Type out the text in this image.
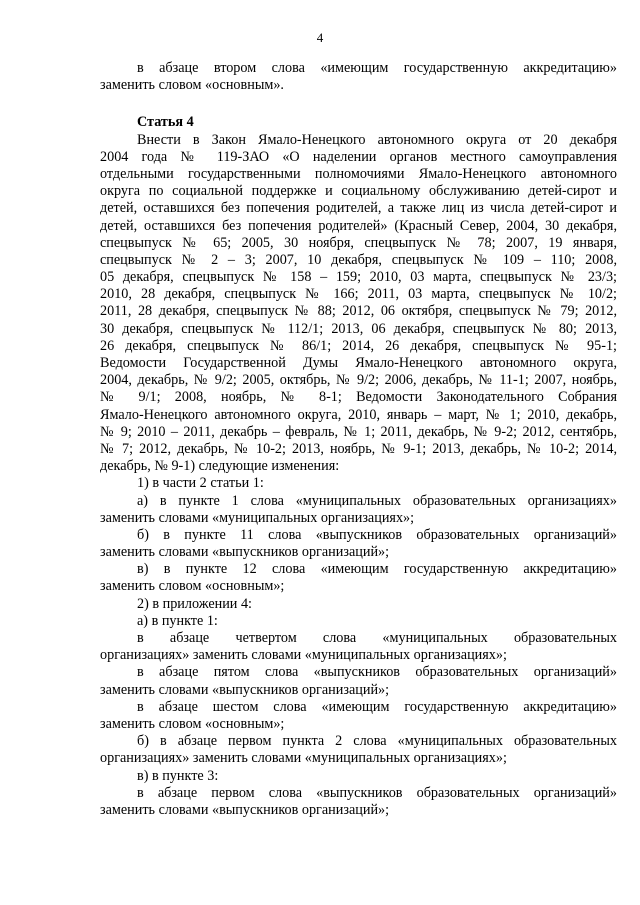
4
в абзаце втором слова «имеющим государственную аккредитацию»
заменить словом «основным».
Статья 4
Внести в Закон Ямало-Ненецкого автономного округа от 20 декабря
2004 года № 119-ЗАО «О наделении органов местного самоуправления
отдельными государственными полномочиями Ямало-Ненецкого автономного
округа по социальной поддержке и социальному обслуживанию детей-сирот и
детей, оставшихся без попечения родителей, а также лиц из числа детей-сирот и
детей, оставшихся без попечения родителей» (Красный Север, 2004, 30 декабря,
спецвыпуск № 65; 2005, 30 ноября, спецвыпуск № 78; 2007, 19 января,
спецвыпуск № 2 – 3; 2007, 10 декабря, спецвыпуск № 109 – 110; 2008,
05 декабря, спецвыпуск № 158 – 159; 2010, 03 марта, спецвыпуск № 23/3;
2010, 28 декабря, спецвыпуск № 166; 2011, 03 марта, спецвыпуск № 10/2;
2011, 28 декабря, спецвыпуск № 88; 2012, 06 октября, спецвыпуск № 79; 2012,
30 декабря, спецвыпуск № 112/1; 2013, 06 декабря, спецвыпуск № 80; 2013,
26 декабря, спецвыпуск № 86/1; 2014, 26 декабря, спецвыпуск № 95-1;
Ведомости Государственной Думы Ямало-Ненецкого автономного округа,
2004, декабрь, № 9/2; 2005, октябрь, № 9/2; 2006, декабрь, № 11-1; 2007, ноябрь,
№ 9/1; 2008, ноябрь, № 8-1; Ведомости Законодательного Собрания
Ямало-Ненецкого автономного округа, 2010, январь – март, № 1; 2010, декабрь,
№ 9; 2010 – 2011, декабрь – февраль, № 1; 2011, декабрь, № 9-2; 2012, сентябрь,
№ 7; 2012, декабрь, № 10-2; 2013, ноябрь, № 9-1; 2013, декабрь, № 10-2; 2014,
декабрь, № 9-1) следующие изменения:
1) в части 2 статьи 1:
а) в пункте 1 слова «муниципальных образовательных организациях»
заменить словами «муниципальных организациях»;
б) в пункте 11 слова «выпускников образовательных организаций»
заменить словами «выпускников организаций»;
в) в пункте 12 слова «имеющим государственную аккредитацию»
заменить словом «основным»;
2) в приложении 4:
а) в пункте 1:
в абзаце четвертом слова «муниципальных образовательных
организациях» заменить словами «муниципальных организациях»;
в абзаце пятом слова «выпускников образовательных организаций»
заменить словами «выпускников организаций»;
в абзаце шестом слова «имеющим государственную аккредитацию»
заменить словом «основным»;
б) в абзаце первом пункта 2 слова «муниципальных образовательных
организациях» заменить словами «муниципальных организациях»;
в) в пункте 3:
в абзаце первом слова «выпускников образовательных организаций»
заменить словами «выпускников организаций»;
